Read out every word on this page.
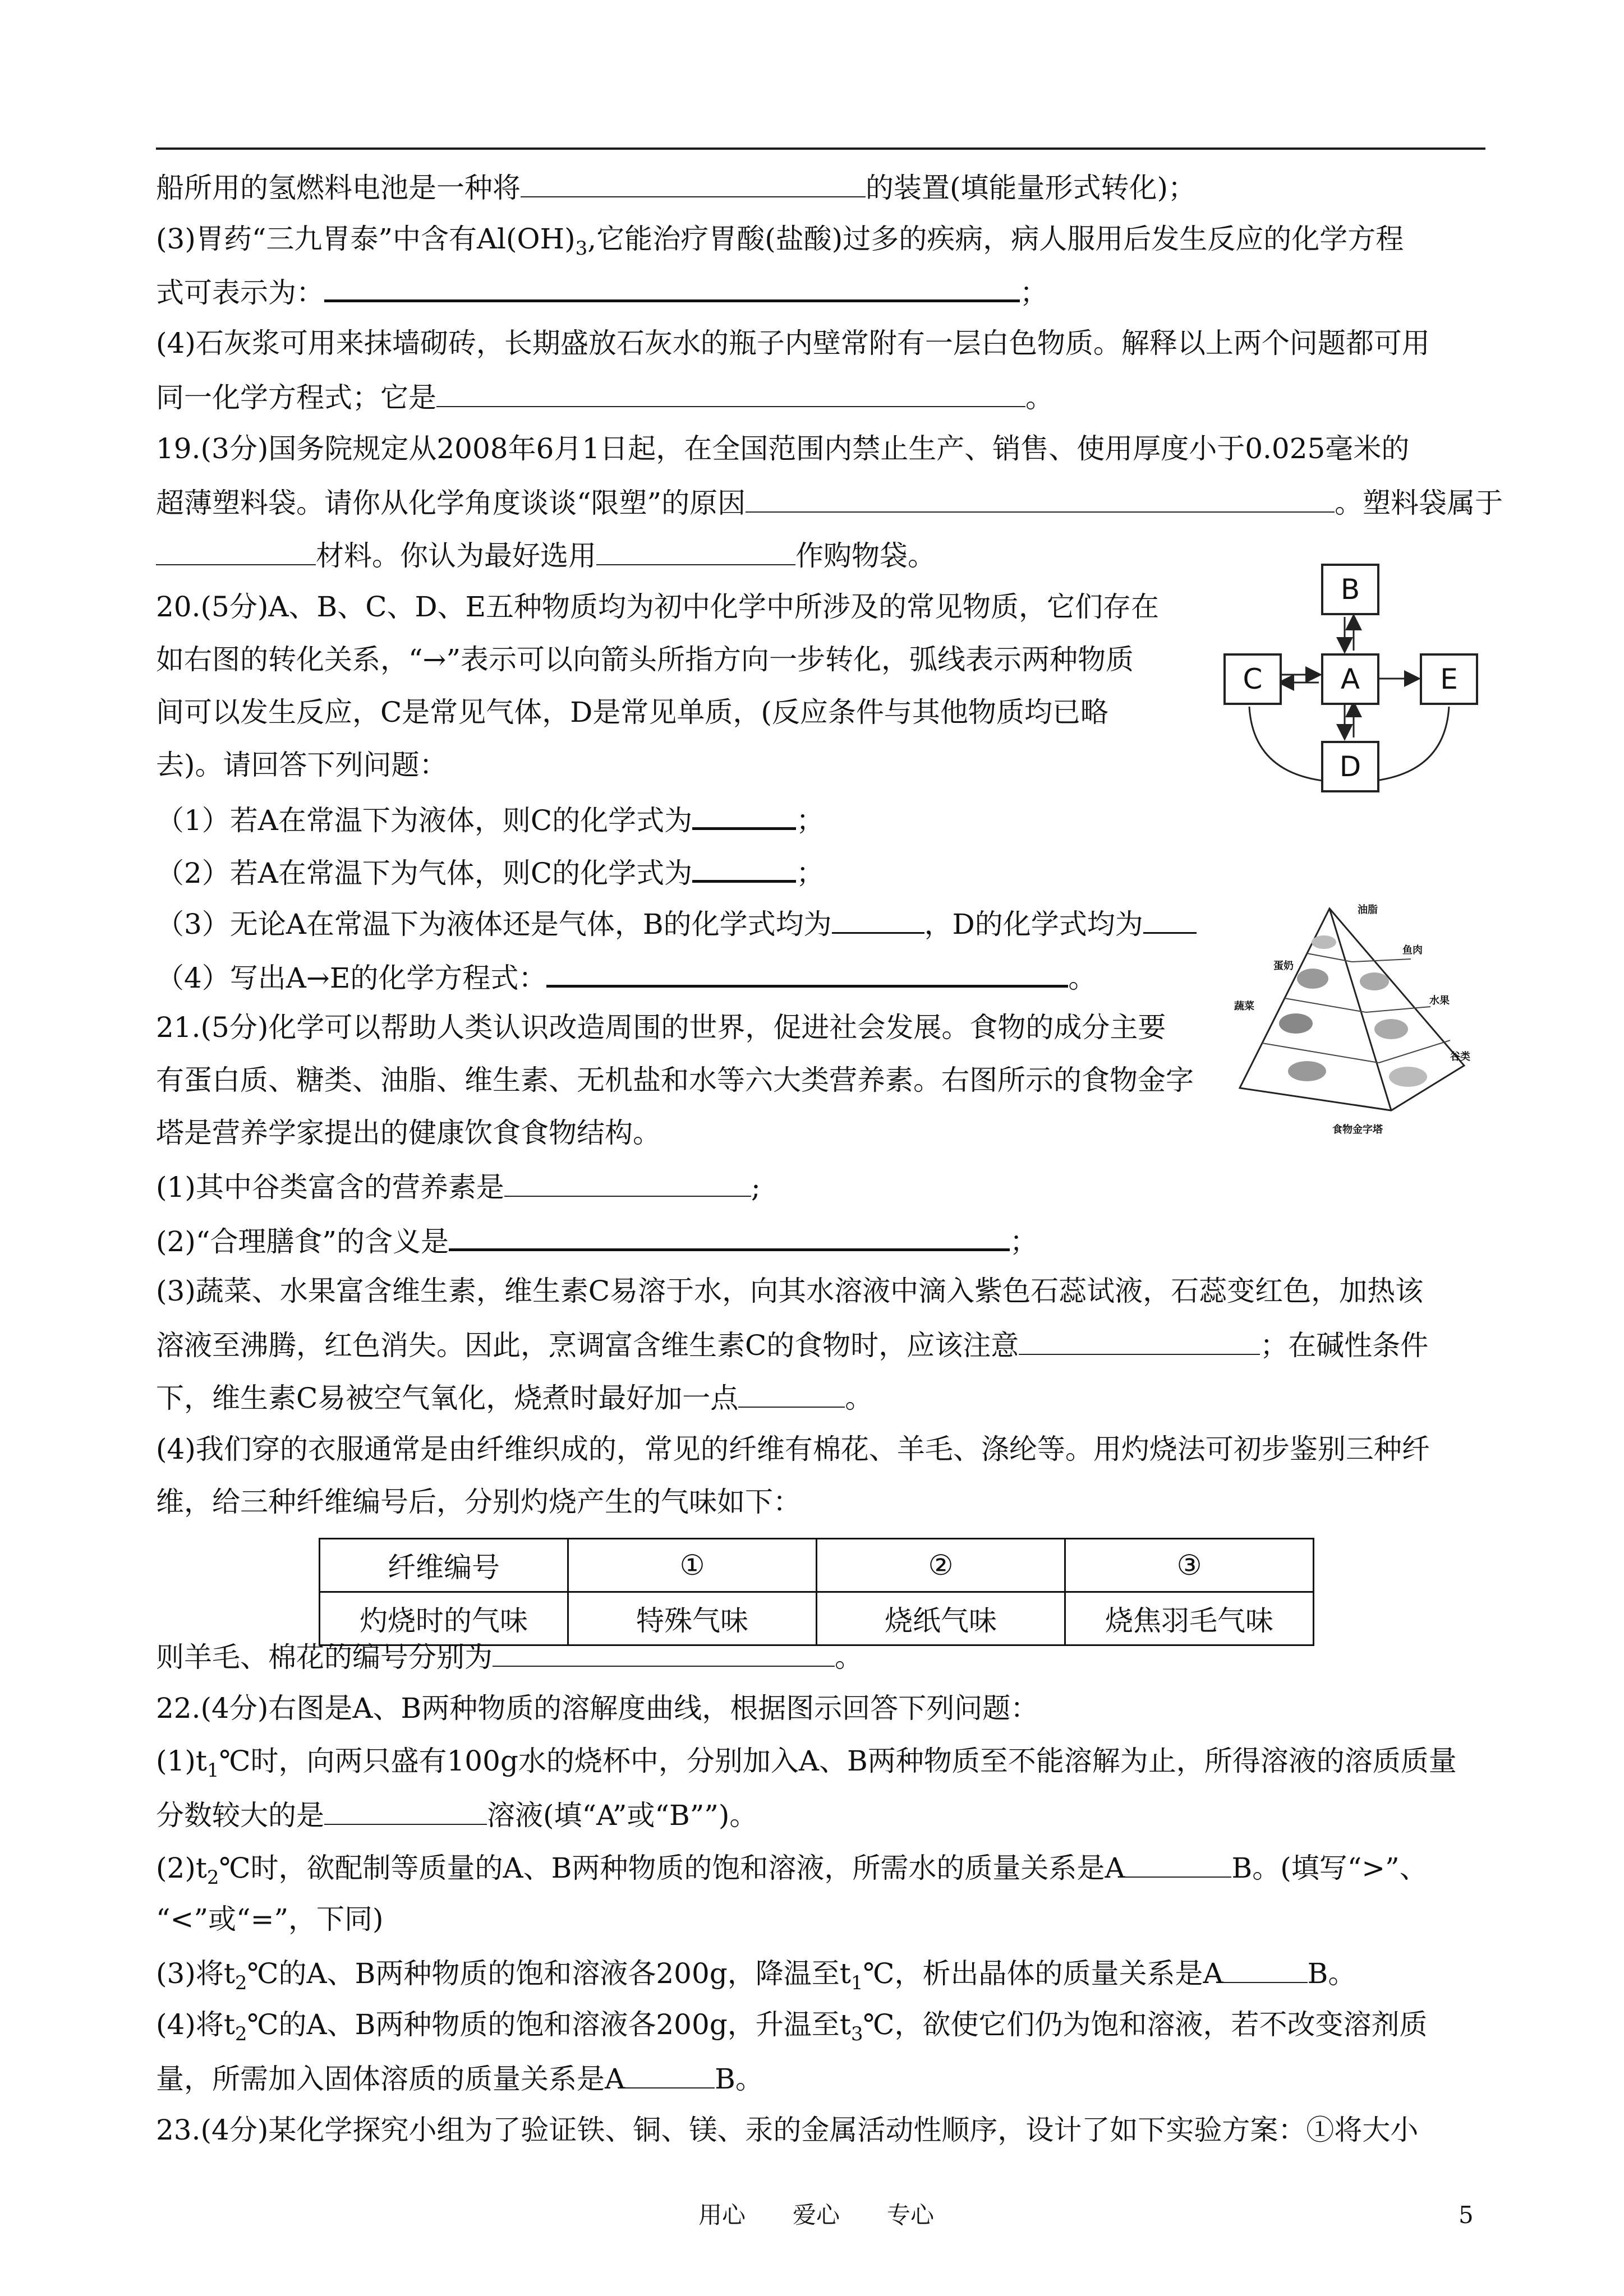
船所用的氢燃料电池是一种将	的装置(填能量形式转化)；

(3)胃药“三九胃泰”中含有$Al(OH)_3$,它能治疗胃酸(盐酸)过多的疾病，病人服用后发生反应的化学方程

式可表示为：	；

(4)石灰浆可用来抹墙砌砖，长期盛放石灰水的瓶子内壁常附有一层白色物质。解释以上两个问题都可用

同一化学方程式；它是	。

19.(3分)国务院规定从2008年6月1日起，在全国范围内禁止生产、销售、使用厚度小于0.025毫米的

超薄塑料袋。请你从化学角度谈谈“限塑”的原因	。塑料袋属于

材料。你认为最好选用	作购物袋。

20.(5分)A、B、C、D、E五种物质均为初中化学中所涉及的常见物质，它们存在

如右图的转化关系，“→”表示可以向箭头所指方向一步转化，弧线表示两种物质

间可以发生反应，C是常见气体，D是常见单质，(反应条件与其他物质均已略

去)。请回答下列问题：

（1）若A在常温下为液体，则C的化学式为	；

（2）若A在常温下为气体，则C的化学式为	；

（3）无论A在常温下为液体还是气体，B的化学式均为	，D的化学式均为

（4）写出A→E的化学方程式：	。

21.(5分)化学可以帮助人类认识改造周围的世界，促进社会发展。食物的成分主要

有蛋白质、糖类、油脂、维生素、无机盐和水等六大类营养素。右图所示的食物金字

塔是营养学家提出的健康饮食食物结构。

(1)其中谷类富含的营养素是	;

(2)“合理膳食”的含义是	；

(3)蔬菜、水果富含维生素，维生素C易溶于水，向其水溶液中滴入紫色石蕊试液，石蕊变红色，加热该

溶液至沸腾，红色消失。因此，烹调富含维生素C的食物时，应该注意	；在碱性条件

下，维生素C易被空气氧化，烧煮时最好加一点	。

(4)我们穿的衣服通常是由纤维织成的，常见的纤维有棉花、羊毛、涤纶等。用灼烧法可初步鉴别三种纤

维，给三种纤维编号后，分别灼烧产生的气味如下：

纤维编号	①	②	③
灼烧时的气味	特殊气味	烧纸气味	烧焦羽毛气味

则羊毛、棉花的编号分别为	。

22.(4分)右图是A、B两种物质的溶解度曲线，根据图示回答下列问题：

$(1)t_1℃$时，向两只盛有100g水的烧杯中，分别加入A、B两种物质至不能溶解为止，所得溶液的溶质质量

分数较大的是	溶液(填“A”或“B””)。

$(2)t_2℃$时，欲配制等质量的A、B两种物质的饱和溶液，所需水的质量关系是A	B。(填写“>”、

“<”或“=”，下同)

(3)将$t_2℃$的A、B两种物质的饱和溶液各200g，降温至$t_1℃$，析出晶体的质量关系是A	B。

(4)将$t_2℃$的A、B两种物质的饱和溶液各200g，升温至$t_3℃$，欲使它们仍为饱和溶液，若不改变溶剂质

量，所需加入固体溶质的质量关系是A	B。

23.(4分)某化学探究小组为了验证铁、铜、镁、汞的金属活动性顺序，设计了如下实验方案：①将大小

B
A
C	E
D
油脂
蛋奶
鱼肉
蔬菜	水果
谷类
食物金字塔
用心　　爱心　　专心	5
